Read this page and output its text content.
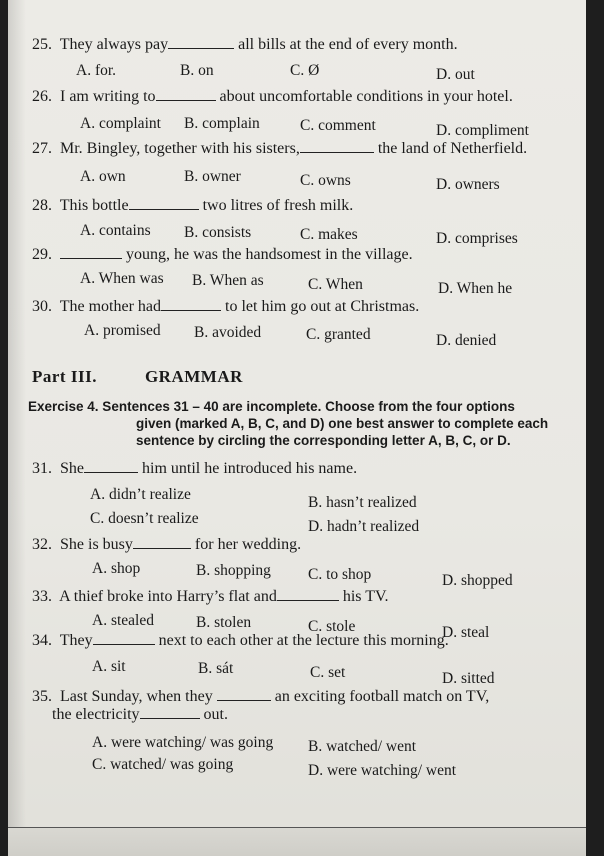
25. They always pay	all bills at the end of every month.
A. for.	B. on	C. Ø	D. out
26. I am writing to	about uncomfortable conditions in your hotel.
A. complaint B. complain	C. comment	D. compliment
27. Mr. Bingley, together with his sisters,	the land of Netherfield.
A. own	B. owner	C. owns	D. owners
28. This bottle	two litres of fresh milk.
A. contains B. consists	C. makes	D. comprises
29.	young, he was the handsomest in the village.
A. When was B. When as	C. When	D. When he
30. The mother had	to let him go out at Christmas.
A. promised B. avoided	C. granted	D. denied
Part III.	GRAMMAR

Exercise 4. Sentences 31 – 40 are incomplete. Choose from the four options

given (marked A, B, C, and D) one best answer to complete each

sentence by circling the corresponding letter A, B, C, or D.

31. She	him until he introduced his name.
A. didn’t realize	B. hasn’t realized
C. doesn’t realize	D. hadn’t realized
32. She is busy	for her wedding.
A. shop	B. shopping C. to shop	D. shopped
33. A thief broke into Harry’s flat and	his TV.
A. stealed	B. stolen	C. stole	D. steal
34. They	next to each other at the lecture this morning.
A. sit	B. sát	C. set	D. sitted
35. Last Sunday, when they	an exciting football match on TV,
the electricity	out.
A. were watching/ was going B. watched/ went
C. watched/ was going	D. were watching/ went
